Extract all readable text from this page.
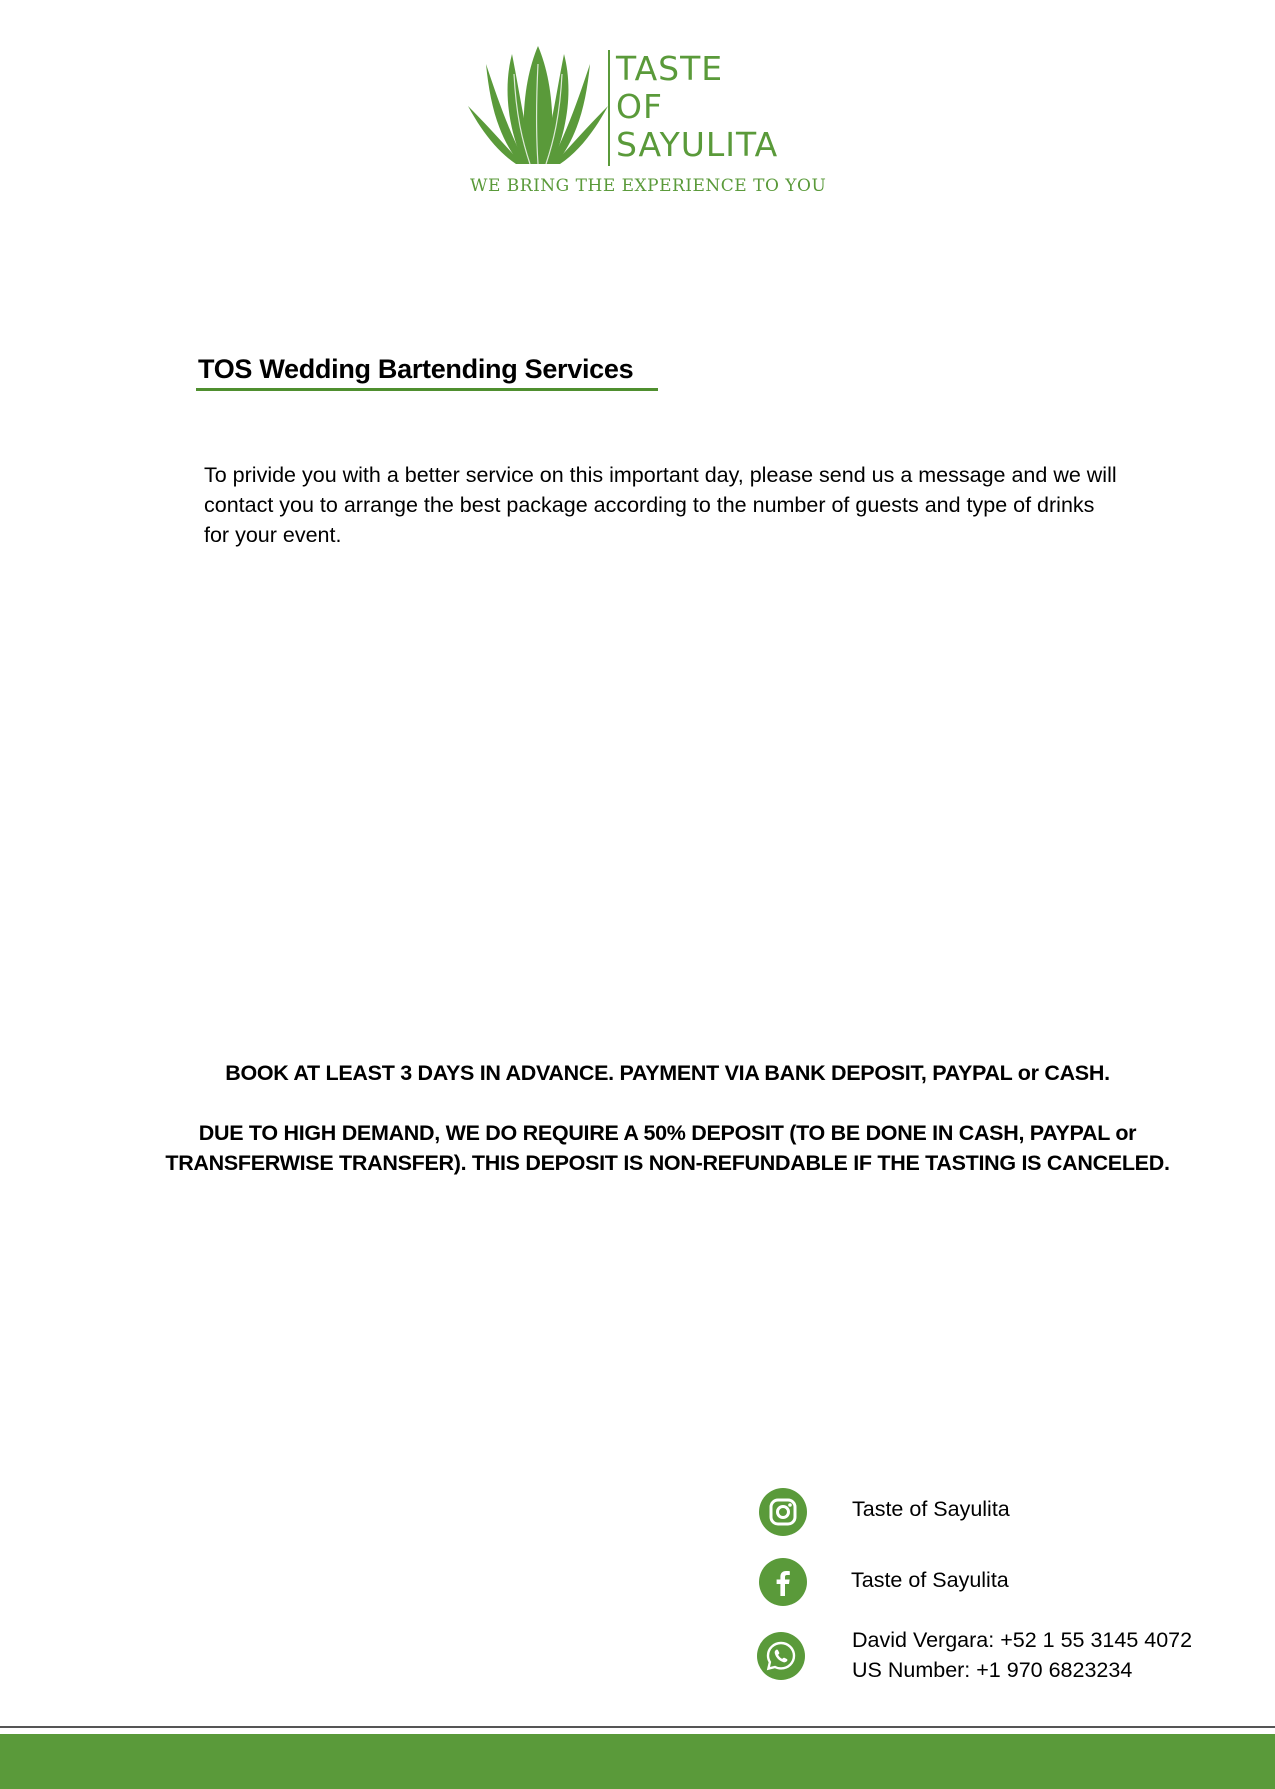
TASTE
OF
SAYULITA
WE BRING THE EXPERIENCE TO YOU
TOS Wedding Bartending Services
To privide you with a better service on this important day, please send us a message and we will contact you to arrange the best package according to the number of guests and type of drinks for your event.
BOOK AT LEAST 3 DAYS IN ADVANCE. PAYMENT VIA BANK DEPOSIT, PAYPAL or CASH.
DUE TO HIGH DEMAND, WE DO REQUIRE A 50% DEPOSIT (TO BE DONE IN CASH, PAYPAL or TRANSFERWISE TRANSFER). THIS DEPOSIT IS NON-REFUNDABLE IF THE TASTING IS CANCELED.
Taste of Sayulita
Taste of Sayulita
David Vergara: +52 1 55 3145 4072
US Number: +1 970 6823234
